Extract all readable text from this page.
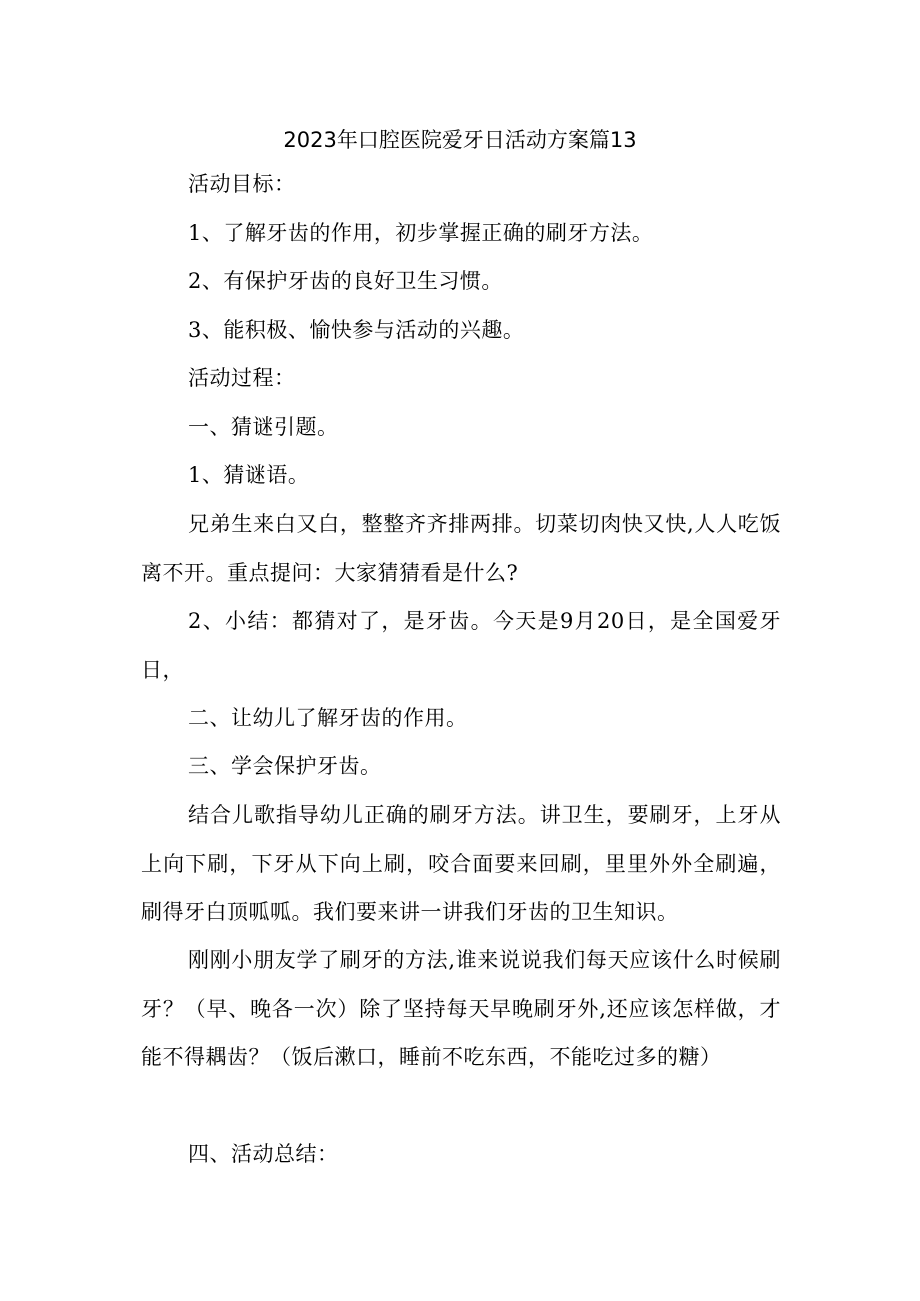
2023年口腔医院爱牙日活动方案篇13

活动目标：

1、了解牙齿的作用，初步掌握正确的刷牙方法。

2、有保护牙齿的良好卫生习惯。

3、能积极、愉快参与活动的兴趣。

活动过程：

一、猜谜引题。

1、猜谜语。

兄弟生来白又白，整整齐齐排两排。切菜切肉快又快,人人吃饭离不开。重点提问：大家猜猜看是什么?

2、小结：都猜对了，是牙齿。今天是9月20日，是全国爱牙日，

二、让幼儿了解牙齿的作用。

三、学会保护牙齿。

结合儿歌指导幼儿正确的刷牙方法。讲卫生，要刷牙，上牙从上向下刷，下牙从下向上刷，咬合面要来回刷，里里外外全刷遍，刷得牙白顶呱呱。我们要来讲一讲我们牙齿的卫生知识。

刚刚小朋友学了刷牙的方法,谁来说说我们每天应该什么时候刷牙？（早、晚各一次）除了坚持每天早晚刷牙外,还应该怎样做，才能不得耦齿？（饭后漱口，睡前不吃东西，不能吃过多的糖）

四、活动总结：
